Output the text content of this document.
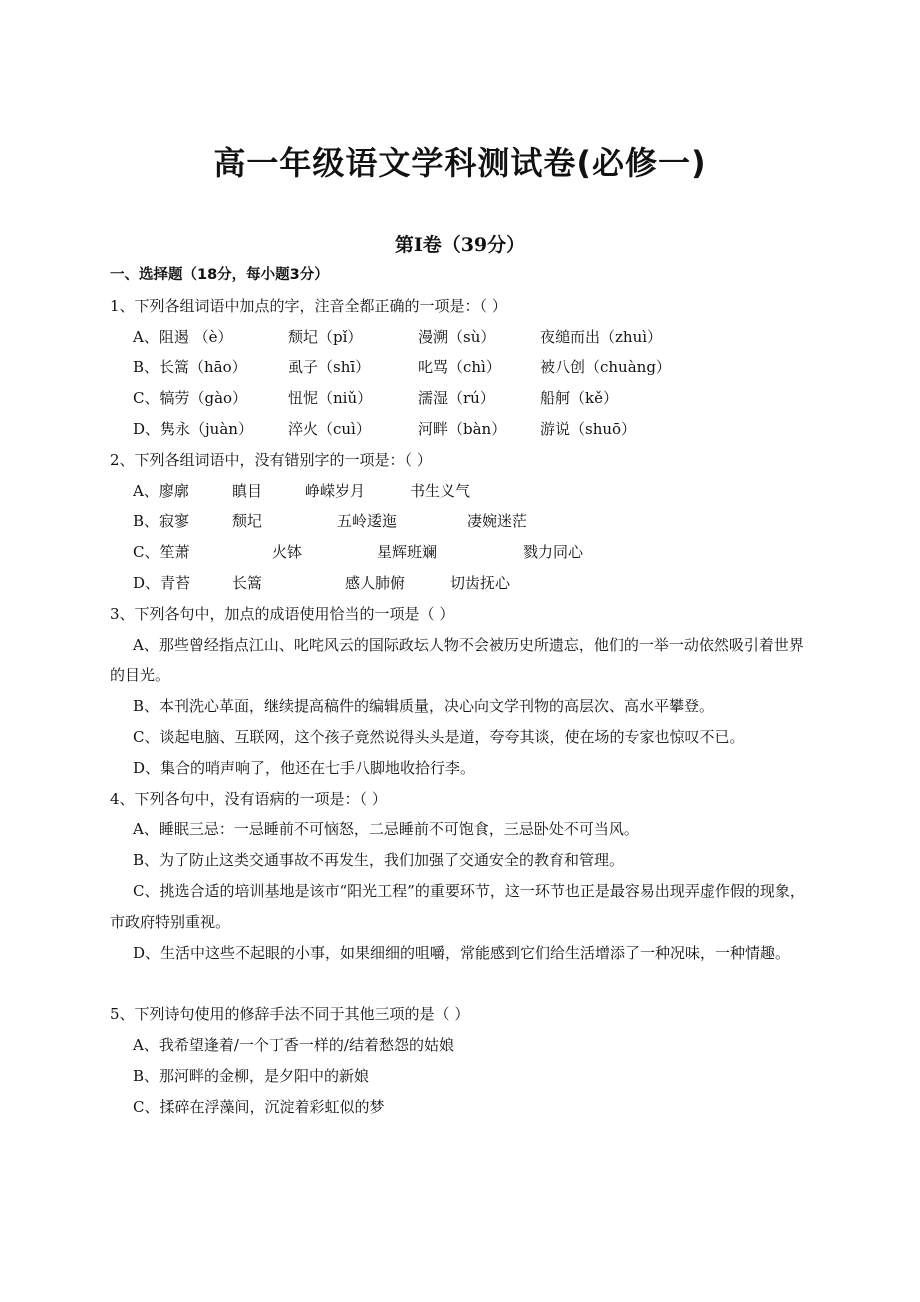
高一年级语文学科测试卷(必修一)
第Ⅰ卷（39分）
一、选择题（18分，每小题3分）
1、下列各组词语中加点的字，注音全都正确的一项是：（ ）
A、阻遏 （è）	颓圮（pǐ）	漫溯（sù）	夜缒而出（zhuì）
B、长篙（hāo）	虱子（shī）	叱骂（chì）	被八创（chuàng）
C、犒劳（gào）	忸怩（niǔ）	濡湿（rú）	船舸（kě）
D、隽永（juàn） 淬火（cuì）	河畔（bàn） 游说（shuō）
2、下列各组词语中，没有错别字的一项是：（ ）
A、廖廓	瞋目	峥嵘岁月	书生义气
B、寂寥	颓圮	五岭逶迤	凄婉迷茫
C、笙萧	火钵	星辉班斓	戮力同心
D、青苔	长篙	感人肺俯	切齿抚心
3、下列各句中，加点的成语使用恰当的一项是（ ）
A、那些曾经指点江山、叱咤风云的国际政坛人物不会被历史所遗忘，他们的一举一动依然吸引着世界的目光。
B、本刊洗心革面，继续提高稿件的编辑质量，决心向文学刊物的高层次、高水平攀登。
C、谈起电脑、互联网，这个孩子竟然说得头头是道，夸夸其谈，使在场的专家也惊叹不已。
D、集合的哨声响了，他还在七手八脚地收拾行李。
4、下列各句中，没有语病的一项是：（ ）
A、睡眠三忌：一忌睡前不可恼怒，二忌睡前不可饱食，三忌卧处不可当风。
B、为了防止这类交通事故不再发生，我们加强了交通安全的教育和管理。
C、挑选合适的培训基地是该市“阳光工程”的重要环节，这一环节也正是最容易出现弄虚作假的现象，市政府特别重视。
D、生活中这些不起眼的小事，如果细细的咀嚼，常能感到它们给生活增添了一种况味，一种情趣。
5、下列诗句使用的修辞手法不同于其他三项的是（ ）
A、我希望逢着/一个丁香一样的/结着愁怨的姑娘
B、那河畔的金柳，是夕阳中的新娘
C、揉碎在浮藻间，沉淀着彩虹似的梦
